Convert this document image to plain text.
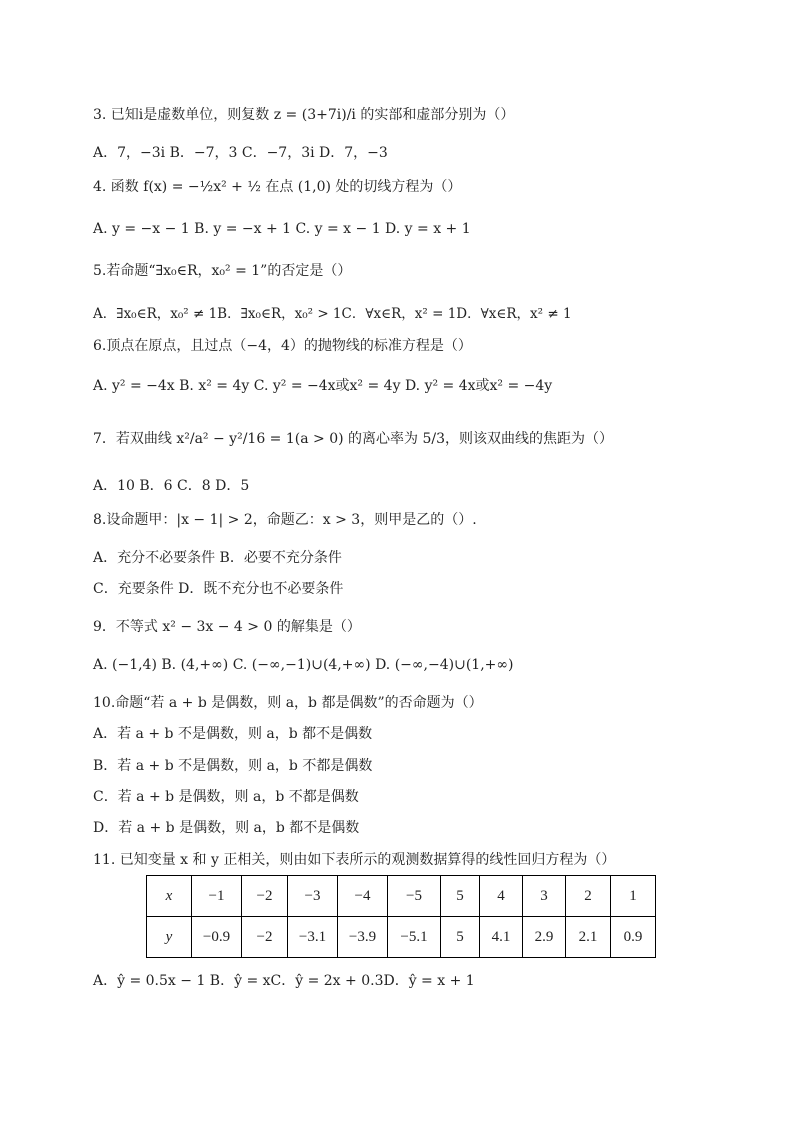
3. 已知i是虚数单位，则复数 z = (3+7i)/i 的实部和虚部分别为（）
A．7，−3i B．−7，3 C．−7，3i D．7，−3
4. 函数 f(x) = −½x² + ½ 在点 (1,0) 处的切线方程为（）
A. y = −x − 1 B. y = −x + 1 C. y = x − 1 D. y = x + 1
5.若命题“∃x₀∈R，x₀² = 1”的否定是（）
A．∃x₀∈R，x₀² ≠ 1B．∃x₀∈R，x₀² > 1C．∀x∈R，x² = 1D．∀x∈R，x² ≠ 1
6.顶点在原点，且过点（−4，4）的抛物线的标准方程是（）
A. y² = −4x B. x² = 4y C. y² = −4x或x² = 4y D. y² = 4x或x² = −4y
7．若双曲线 x²/a² − y²/16 = 1(a > 0) 的离心率为 5/3，则该双曲线的焦距为（）
A．10 B．6 C．8 D．5
8.设命题甲：|x − 1| > 2，命题乙：x > 3，则甲是乙的（）.
A．充分不必要条件 B．必要不充分条件
C．充要条件 D．既不充分也不必要条件
9．不等式 x² − 3x − 4 > 0 的解集是（）
A. (−1,4) B. (4,+∞) C. (−∞,−1)∪(4,+∞) D. (−∞,−4)∪(1,+∞)
10.命题“若 a + b 是偶数，则 a，b 都是偶数”的否命题为（）
A．若 a + b 不是偶数，则 a，b 都不是偶数
B．若 a + b 不是偶数，则 a，b 不都是偶数
C．若 a + b 是偶数，则 a，b 不都是偶数
D．若 a + b 是偶数，则 a，b 都不是偶数
11. 已知变量 x 和 y 正相关，则由如下表所示的观测数据算得的线性回归方程为（）
x	−1	−2	−3	−4	−5	5	4	3	2	1
y	−0.9	−2	−3.1	−3.9	−5.1	5	4.1	2.9	2.1	0.9
A．ŷ = 0.5x − 1 B．ŷ = xC．ŷ = 2x + 0.3D．ŷ = x + 1
